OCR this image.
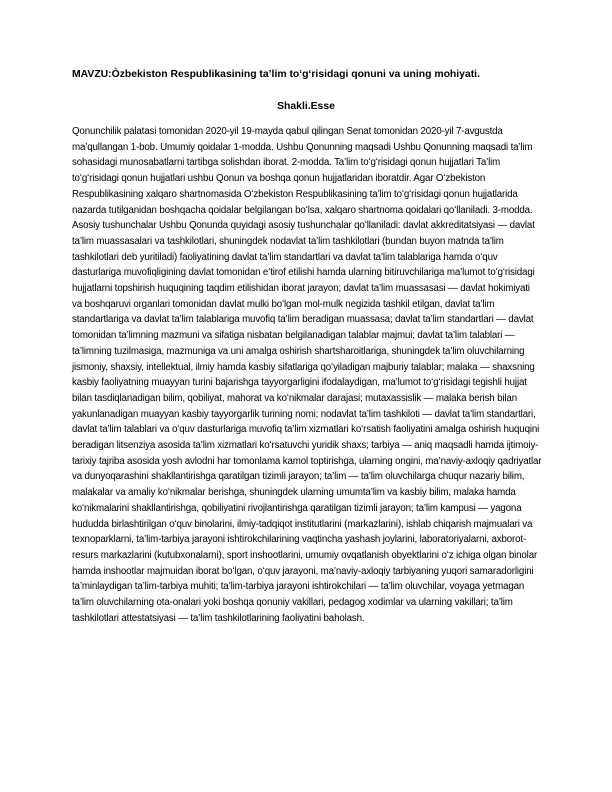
MAVZU:Òzbekiston Respublikasining ta’lim toʻgʻrisidagi qonuni va uning mohiyati.
Shakli.Esse

Qonunchilik palatasi tomonidan 2020-yil 19-mayda qabul qilingan Senat tomonidan 2020-yil 7-avgustda ma’qullangan 1-bob. Umumiy qoidalar 1-modda. Ushbu Qonunning maqsadi Ushbu Qonunning maqsadi ta’lim sohasidagi munosabatlarni tartibga solishdan iborat. 2-modda. Ta’lim toʻgʻrisidagi qonun hujjatlari Ta’lim toʻgʻrisidagi qonun hujjatlari ushbu Qonun va boshqa qonun hujjatlaridan iboratdir. Agar Oʻzbekiston Respublikasining xalqaro shartnomasida Oʻzbekiston Respublikasining ta’lim toʻgʻrisidagi qonun hujjatlarida nazarda tutilganidan boshqacha qoidalar belgilangan boʻlsa, xalqaro shartnoma qoidalari qoʻllaniladi. 3-modda. Asosiy tushunchalar Ushbu Qonunda quyidagi asosiy tushunchalar qoʻllaniladi: davlat akkreditatsiyasi — davlat ta’lim muassasalari va tashkilotlari, shuningdek nodavlat ta’lim tashkilotlari (bundan buyon matnda ta’lim tashkilotlari deb yuritiladi) faoliyatining davlat ta’lim standartlari va davlat ta’lim talablariga hamda oʻquv dasturlariga muvofiqligining davlat tomonidan e’tirof etilishi hamda ularning bitiruvchilariga ma’lumot toʻgʻrisidagi hujjatlarni topshirish huquqining taqdim etilishidan iborat jarayon; davlat ta’lim muassasasi — davlat hokimiyati va boshqaruvi organlari tomonidan davlat mulki boʻlgan mol-mulk negizida tashkil etilgan, davlat ta’lim standartlariga va davlat ta’lim talablariga muvofiq ta’lim beradigan muassasa; davlat ta’lim standartlari — davlat tomonidan ta’limning mazmuni va sifatiga nisbatan belgilanadigan talablar majmui; davlat ta’lim talablari — ta’limning tuzilmasiga, mazmuniga va uni amalga oshirish shartsharoitlariga, shuningdek ta’lim oluvchilarning jismoniy, shaxsiy, intellektual, ilmiy hamda kasbiy sifatlariga qoʻyiladigan majburiy talablar; malaka — shaxsning kasbiy faoliyatning muayyan turini bajarishga tayyorgarligini ifodalaydigan, ma’lumot toʻgʻrisidagi tegishli hujjat bilan tasdiqlanadigan bilim, qobiliyat, mahorat va koʻnikmalar darajasi; mutaxassislik — malaka berish bilan yakunlanadigan muayyan kasbiy tayyorgarlik turining nomi; nodavlat ta’lim tashkiloti — davlat ta’lim standartlari, davlat ta’lim talablari va oʻquv dasturlariga muvofiq ta’lim xizmatlari koʻrsatish faoliyatini amalga oshirish huquqini beradigan litsenziya asosida ta’lim xizmatlari koʻrsatuvchi yuridik shaxs; tarbiya — aniq maqsadli hamda ijtimoiy-tarixiy tajriba asosida yosh avlodni har tomonlama kamol toptirishga, ularning ongini, ma’naviy-axloqiy qadriyatlar va dunyoqarashini shakllantirishga qaratilgan tizimli jarayon; ta’lim — ta’lim oluvchilarga chuqur nazariy bilim, malakalar va amaliy koʻnikmalar berishga, shuningdek ularning umumta’lim va kasbiy bilim, malaka hamda koʻnikmalarini shakllantirishga, qobiliyatini rivojlantirishga qaratilgan tizimli jarayon; ta’lim kampusi — yagona hududda birlashtirilgan oʻquv binolarini, ilmiy-tadqiqot institutlarini (markazlarini), ishlab chiqarish majmualari va texnoparklarni, ta’lim-tarbiya jarayoni ishtirokchilarining vaqtincha yashash joylarini, laboratoriyalarni, axborot-resurs markazlarini (kutubxonalarni), sport inshootlarini, umumiy ovqatlanish obyektlarini oʻz ichiga olgan binolar hamda inshootlar majmuidan iborat boʻlgan, oʻquv jarayoni, ma’naviy-axloqiy tarbiyaning yuqori samaradorligini ta’minlaydigan ta’lim-tarbiya muhiti; ta’lim-tarbiya jarayoni ishtirokchilari — ta’lim oluvchilar, voyaga yetmagan ta’lim oluvchilarning ota-onalari yoki boshqa qonuniy vakillari, pedagog xodimlar va ularning vakillari; ta’lim tashkilotlari attestatsiyasi — ta’lim tashkilotlarining faoliyatini baholash.
